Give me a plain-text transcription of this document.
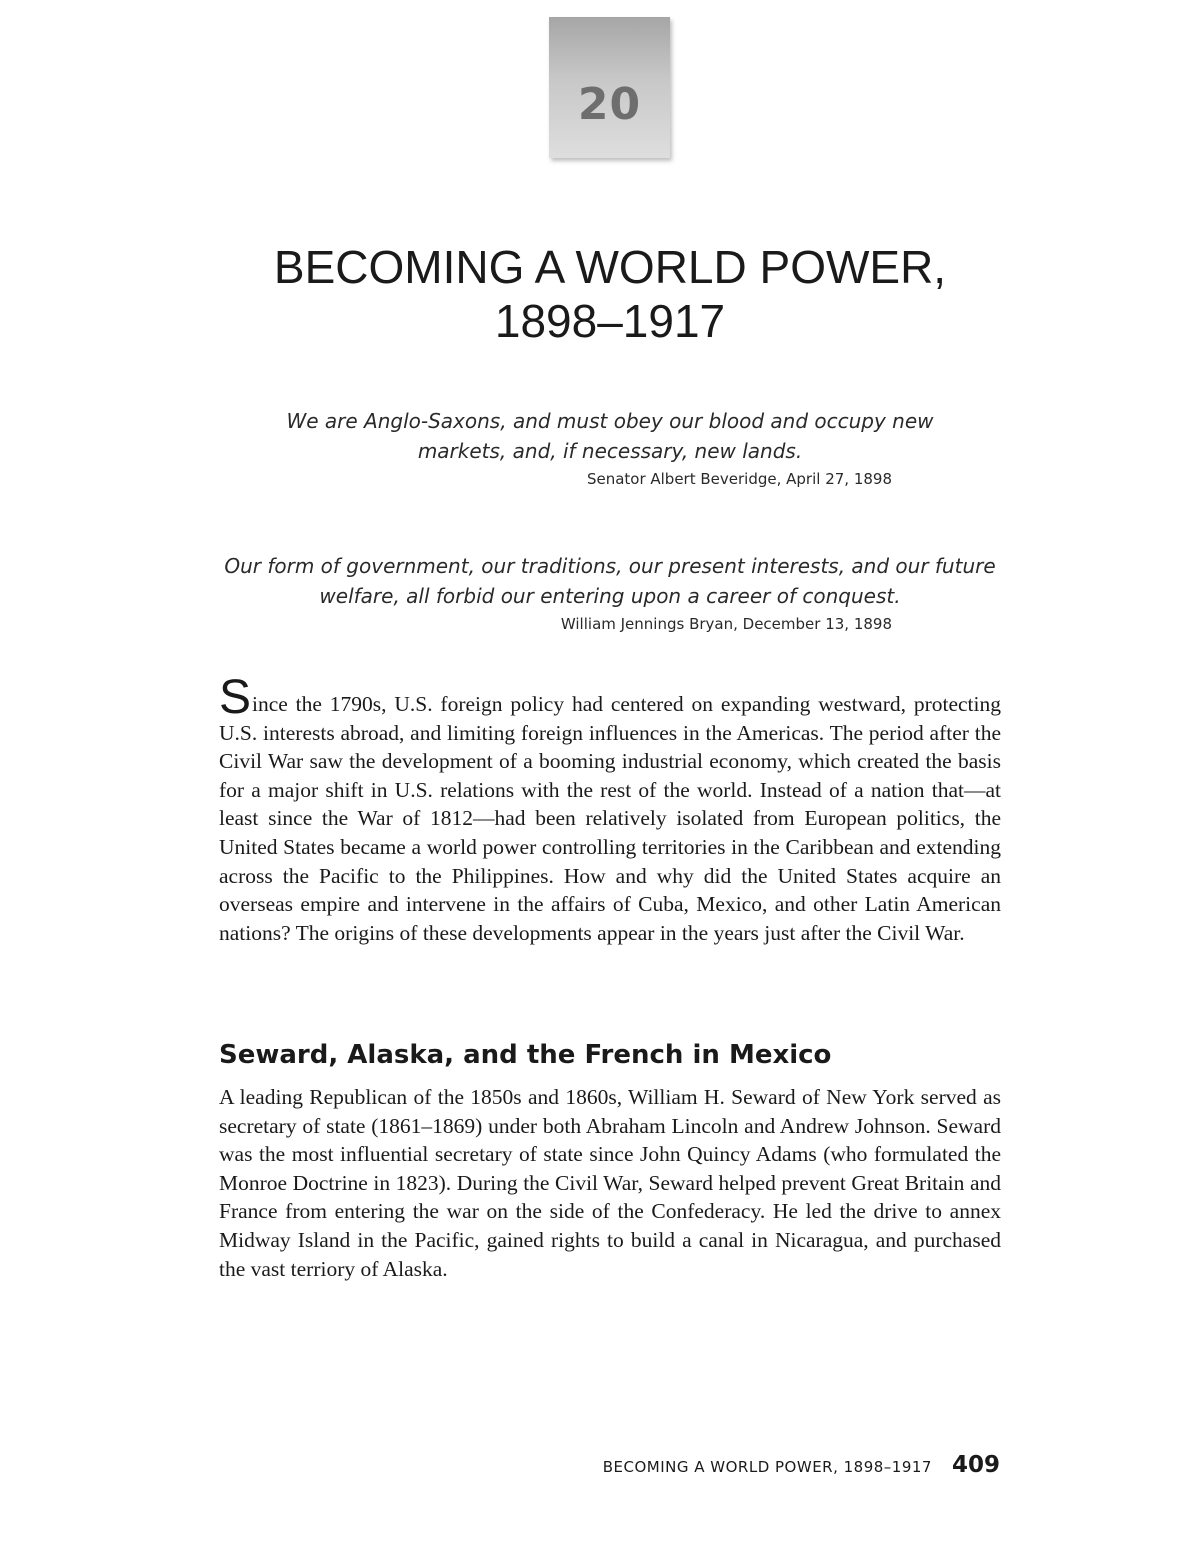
20
BECOMING A WORLD POWER,
1898–1917

We are Anglo-Saxons, and must obey our blood and occupy new
markets, and, if necessary, new lands.

Senator Albert Beveridge, April 27, 1898

Our form of government, our traditions, our present interests, and our future
welfare, all forbid our entering upon a career of conquest.

William Jennings Bryan, December 13, 1898

Since the 1790s, U.S. foreign policy had centered on expanding westward, protecting U.S. interests abroad, and limiting foreign influences in the Americas. The period after the Civil War saw the development of a booming industrial economy, which created the basis for a major shift in U.S. relations with the rest of the world. Instead of a nation that—at least since the War of 1812—had been relatively isolated from European politics, the United States became a world power controlling territories in the Caribbean and extending across the Pacific to the Philippines. How and why did the United States acquire an overseas empire and intervene in the affairs of Cuba, Mexico, and other Latin American nations? The origins of these developments appear in the years just after the Civil War.

Seward, Alaska, and the French in Mexico

A leading Republican of the 1850s and 1860s, William H. Seward of New York served as secretary of state (1861–1869) under both Abraham Lincoln and Andrew Johnson. Seward was the most influential secretary of state since John Quincy Adams (who formulated the Monroe Doctrine in 1823). During the Civil War, Seward helped prevent Great Britain and France from entering the war on the side of the Confederacy. He led the drive to annex Midway Island in the Pacific, gained rights to build a canal in Nicaragua, and purchased the vast terriory of Alaska.

BECOMING A WORLD POWER, 1898–1917 409
